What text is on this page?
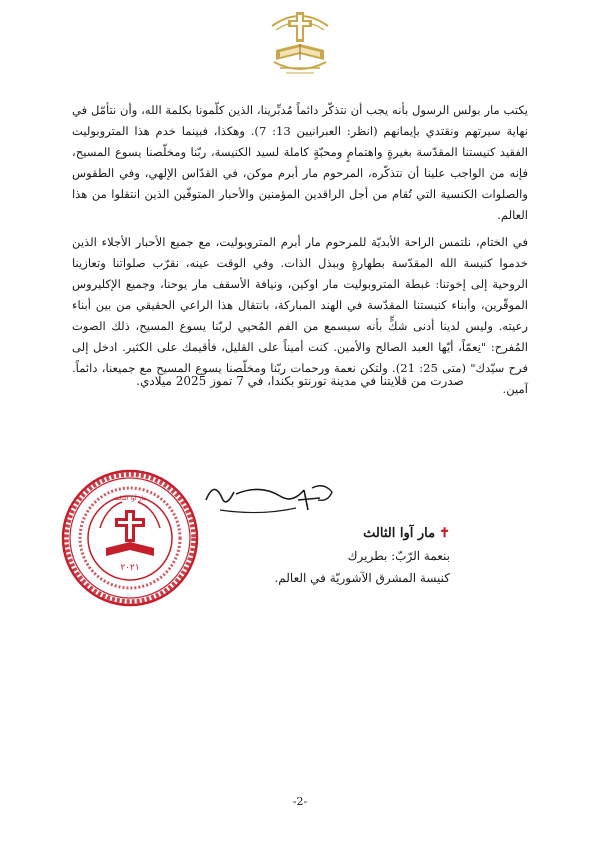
يكتب مار بولس الرسول بأنه يجب أن نتذكّر دائماً مُدبِّرينا، الذين كلّمونا بكلمة الله، وأن نتأمّل في نهاية سيرتهم ونقتدي بإيمانهم (انظر: العبرانيين 13: 7). وهكذا، فبينما خدم هذا المتروبوليت الفقيد كنيستنا المقدّسة بغيرةٍ واهتمامٍ ومحبّةٍ كاملة لسيد الكنيسة، ربّنا ومخلّصنا يسوع المسيح، فإنه من الواجب علينا أن نتذكّره، المرحوم مار أبرم موكن، في القدّاس الإلهي، وفي الطقوس والصلوات الكنسية التي تُقام من أجل الراقدين المؤمنين والأحبار المتوفّين الذين انتقلوا من هذا العالم.

في الختام، نلتمس الراحة الأبديّة للمرحوم مار أبرم المتروبوليت، مع جميع الأحبار الأجلاء الذين خدموا كنيسة الله المقدّسة بطهارةٍ وببذل الذات. وفي الوقت عينه، نقرّب صلواتنا وتعازينا الروحية إلى إخوتنا: غبطة المتروبوليت مار اوكين، ونيافة الأسقف مار يوحنا، وجميع الإكليروس الموقّرين، وأبناء كنيستنا المقدّسة في الهند المباركة، بانتقال هذا الراعي الحقيقي من بين أبناء رعيته. وليس لدينا أدنى شكٍّ بأنه سيسمع من الفم المُحيي لربّنا يسوع المسيح، ذلك الصوت المُفرح: "نِعمّاً، أيّها العبد الصالح والأمين. كنت أميناً على القليل، فأقيمك على الكثير. ادخل إلى فرح سيّدك" (متى 25: 21). ولتكن نعمة ورحمات ربّنا ومخلّصنا يسوع المسيح مع جميعنا، دائماً. آمين.

صدرت من قلايتنا في مدينة تورنتو بكندا، في 7 تموز 2025 ميلادي.
٢٠٢١
مار آوا الثالث
✝مار آوا الثالث
بنعمة الرّبّ: بطريرك
كنيسة المشرق الآشوريّة في العالم.
-2-
